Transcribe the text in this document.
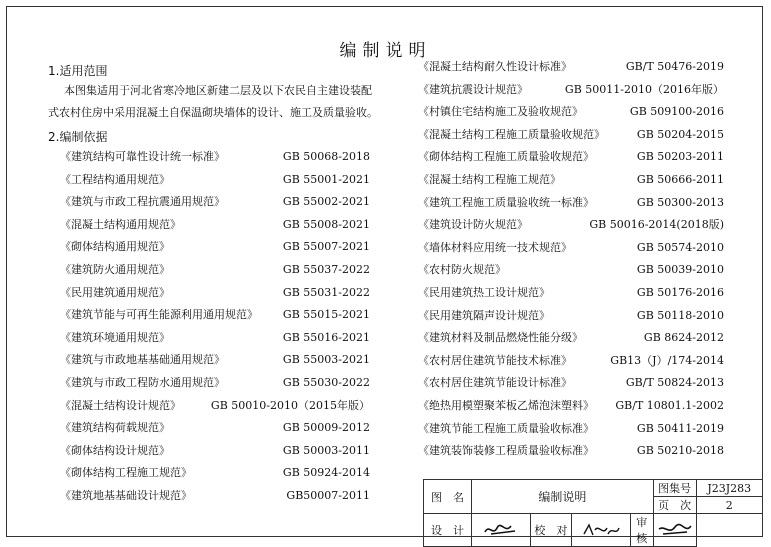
编制说明
1.适用范围
本图集适用于河北省寒冷地区新建二层及以下农民自主建设装配
式农村住房中采用混凝土自保温砌块墙体的设计、施工及质量验收。
2.编制依据
《建筑结构可靠性设计统一标准》	GB 50068-2018
《工程结构通用规范》	GB 55001-2021
《建筑与市政工程抗震通用规范》	GB 55002-2021
《混凝土结构通用规范》	GB 55008-2021
《砌体结构通用规范》	GB 55007-2021
《建筑防火通用规范》	GB 55037-2022
《民用建筑通用规范》	GB 55031-2022
《建筑节能与可再生能源利用通用规范》 GB 55015-2021
《建筑环境通用规范》	GB 55016-2021
《建筑与市政地基基础通用规范》	GB 55003-2021
《建筑与市政工程防水通用规范》	GB 55030-2022
《混凝土结构设计规范》	GB 50010-2010（2015年版）
《建筑结构荷载规范》	GB 50009-2012
《砌体结构设计规范》	GB 50003-2011
《砌体结构工程施工规范》	GB 50924-2014
《建筑地基基础设计规范》	GB50007-2011
《混凝土结构耐久性设计标准》	GB/T 50476-2019
《建筑抗震设计规范》	GB 50011-2010（2016年版）
《村镇住宅结构施工及验收规范》	GB 509100-2016
《混凝土结构工程施工质量验收规范》	GB 50204-2015
《砌体结构工程施工质量验收规范》	GB 50203-2011
《混凝土结构工程施工规范》	GB 50666-2011
《建筑工程施工质量验收统一标准》	GB 50300-2013
《建筑设计防火规范》	GB 50016-2014(2018版)
《墙体材料应用统一技术规范》	GB 50574-2010
《农村防火规范》	GB 50039-2010
《民用建筑热工设计规范》	GB 50176-2016
《民用建筑隔声设计规范》	GB 50118-2010
《建筑材料及制品燃烧性能分级》	GB 8624-2012
《农村居住建筑节能技术标准》	GB13（J）/174-2014
《农村居住建筑节能设计标准》	GB/T 50824-2013
《绝热用模塑聚苯板乙烯泡沫塑料》 GB/T 10801.1-2002
《建筑节能工程施工质量验收标准》	GB 50411-2019
《建筑装饰装修工程质量验收标准》	GB 50210-2018
图　名	编制说明				图集号	J23J283
					页　次	2
设　计		校　对		审　核	
